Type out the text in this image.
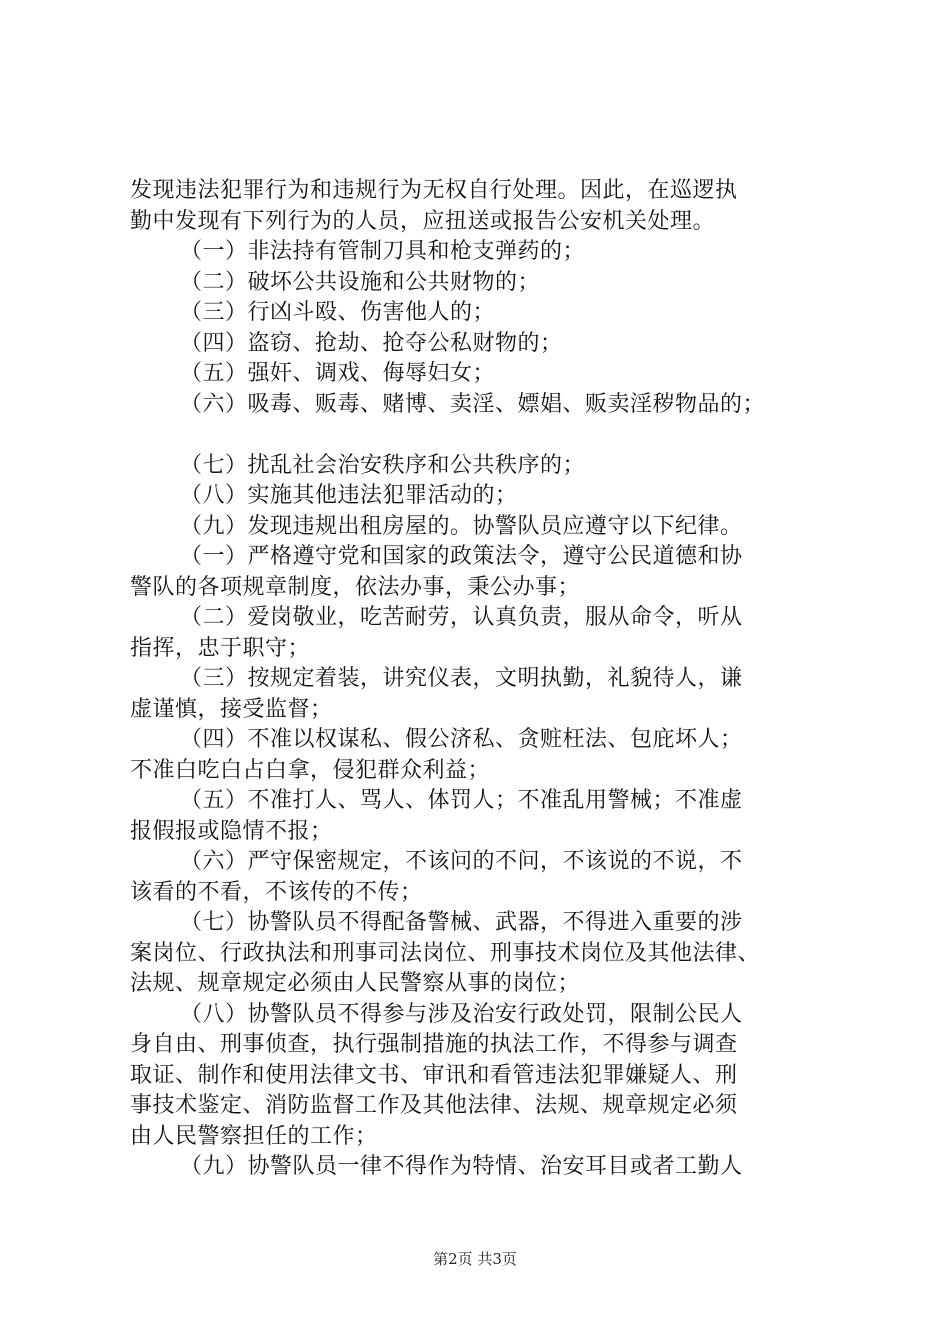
发现违法犯罪行为和违规行为无权自行处理。因此，在巡逻执
勤中发现有下列行为的人员，应扭送或报告公安机关处理。
（一）非法持有管制刀具和枪支弹药的；
（二）破坏公共设施和公共财物的；
（三）行凶斗殴、伤害他人的；
（四）盗窃、抢劫、抢夺公私财物的；
（五）强奸、调戏、侮辱妇女；
（六）吸毒、贩毒、赌博、卖淫、嫖娼、贩卖淫秽物品的；
（七）扰乱社会治安秩序和公共秩序的；
（八）实施其他违法犯罪活动的；
（九）发现违规出租房屋的。协警队员应遵守以下纪律。
（一）严格遵守党和国家的政策法令，遵守公民道德和协
警队的各项规章制度，依法办事，秉公办事；
（二）爱岗敬业，吃苦耐劳，认真负责，服从命令，听从
指挥，忠于职守；
（三）按规定着装，讲究仪表，文明执勤，礼貌待人，谦
虚谨慎，接受监督；
（四）不准以权谋私、假公济私、贪赃枉法、包庇坏人；
不准白吃白占白拿，侵犯群众利益；
（五）不准打人、骂人、体罚人；不准乱用警械；不准虚
报假报或隐情不报；
（六）严守保密规定，不该问的不问，不该说的不说，不
该看的不看，不该传的不传；
（七）协警队员不得配备警械、武器，不得进入重要的涉
案岗位、行政执法和刑事司法岗位、刑事技术岗位及其他法律、
法规、规章规定必须由人民警察从事的岗位；
（八）协警队员不得参与涉及治安行政处罚，限制公民人
身自由、刑事侦查，执行强制措施的执法工作，不得参与调查
取证、制作和使用法律文书、审讯和看管违法犯罪嫌疑人、刑
事技术鉴定、消防监督工作及其他法律、法规、规章规定必须
由人民警察担任的工作；
（九）协警队员一律不得作为特情、治安耳目或者工勤人
第2页 共3页
